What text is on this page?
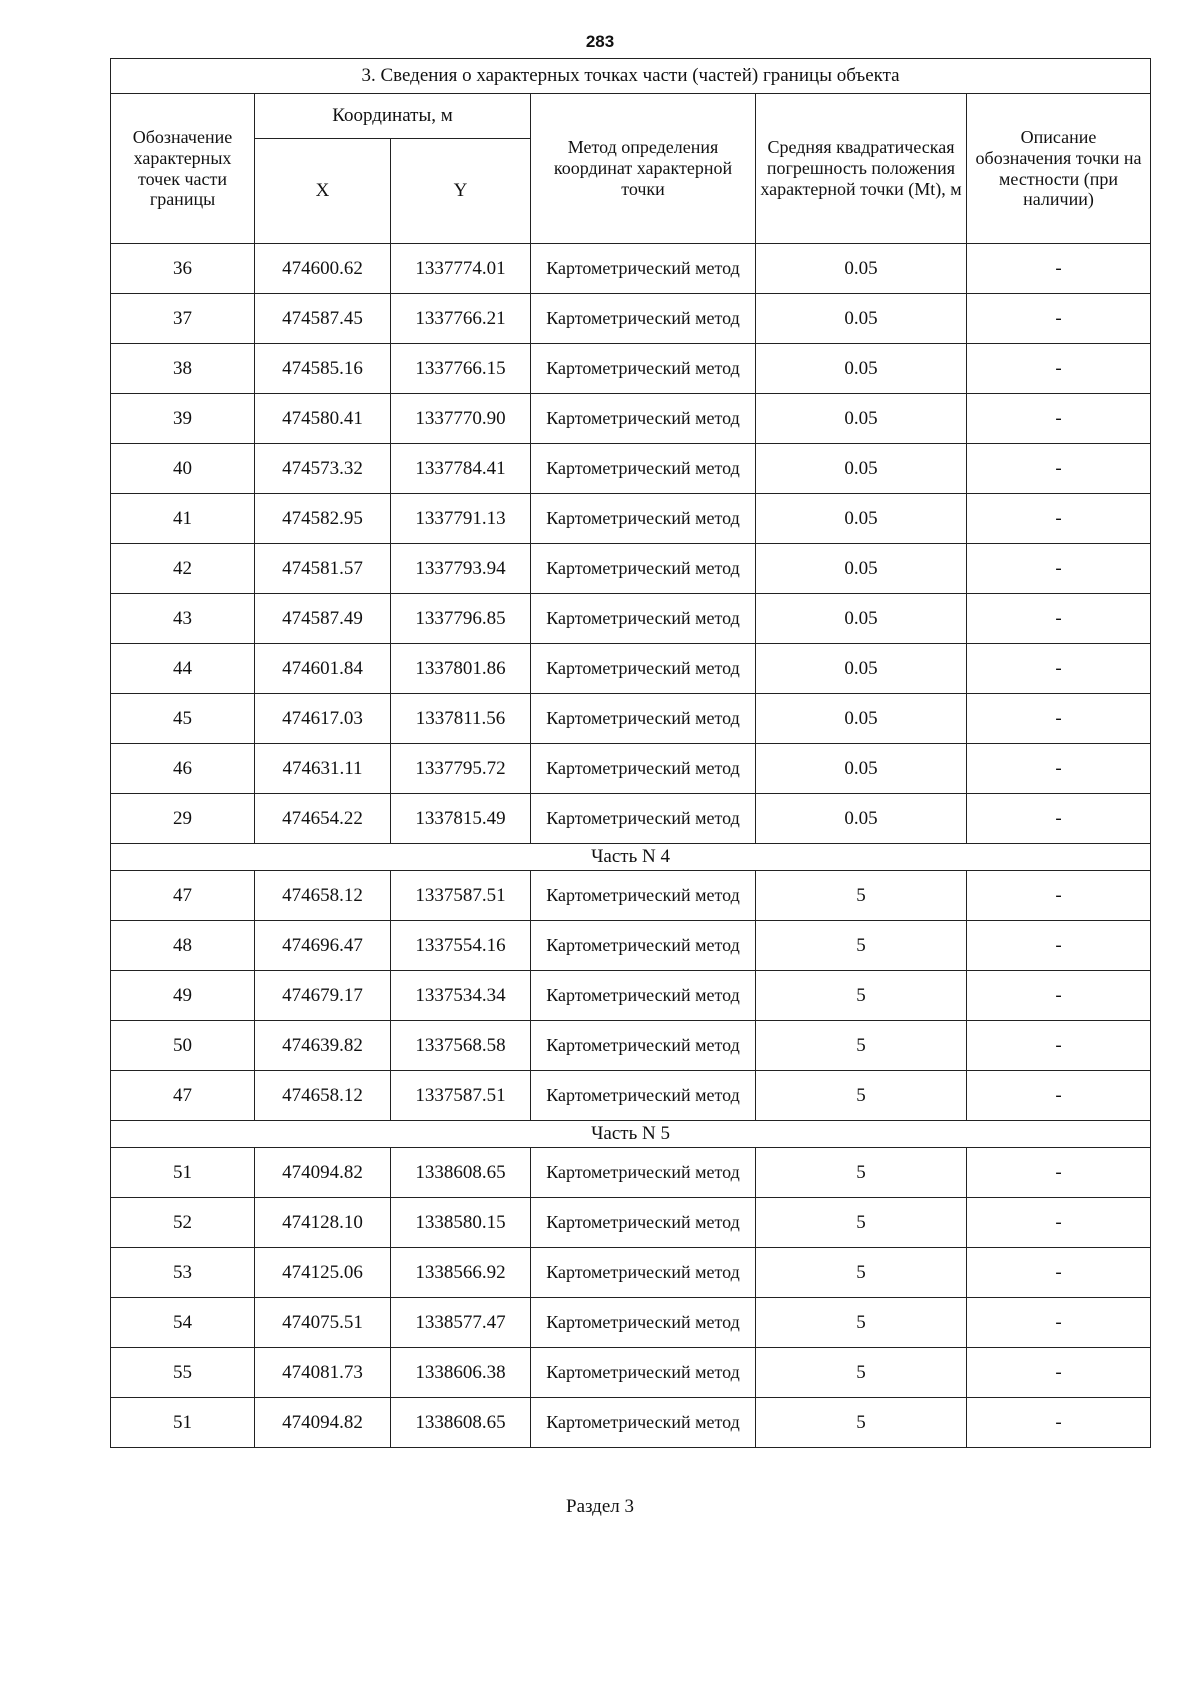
283
3. Сведения о характерных точках части (частей) границы объекта					
Обозначение характерных точек части границы	Координаты, м		Метод определения координат характерной точки	Средняя квадратическая погрешность положения характерной точки (Mt), м	Описание обозначения точки на местности (при наличии)
	X	Y			
36	474600.62	1337774.01	Картометрический метод	0.05	-
37	474587.45	1337766.21	Картометрический метод	0.05	-
38	474585.16	1337766.15	Картометрический метод	0.05	-
39	474580.41	1337770.90	Картометрический метод	0.05	-
40	474573.32	1337784.41	Картометрический метод	0.05	-
41	474582.95	1337791.13	Картометрический метод	0.05	-
42	474581.57	1337793.94	Картометрический метод	0.05	-
43	474587.49	1337796.85	Картометрический метод	0.05	-
44	474601.84	1337801.86	Картометрический метод	0.05	-
45	474617.03	1337811.56	Картометрический метод	0.05	-
46	474631.11	1337795.72	Картометрический метод	0.05	-
29	474654.22	1337815.49	Картометрический метод	0.05	-
Часть N 4					
47	474658.12	1337587.51	Картометрический метод	5	-
48	474696.47	1337554.16	Картометрический метод	5	-
49	474679.17	1337534.34	Картометрический метод	5	-
50	474639.82	1337568.58	Картометрический метод	5	-
47	474658.12	1337587.51	Картометрический метод	5	-
Часть N 5					
51	474094.82	1338608.65	Картометрический метод	5	-
52	474128.10	1338580.15	Картометрический метод	5	-
53	474125.06	1338566.92	Картометрический метод	5	-
54	474075.51	1338577.47	Картометрический метод	5	-
55	474081.73	1338606.38	Картометрический метод	5	-
51	474094.82	1338608.65	Картометрический метод	5	-
Раздел 3
